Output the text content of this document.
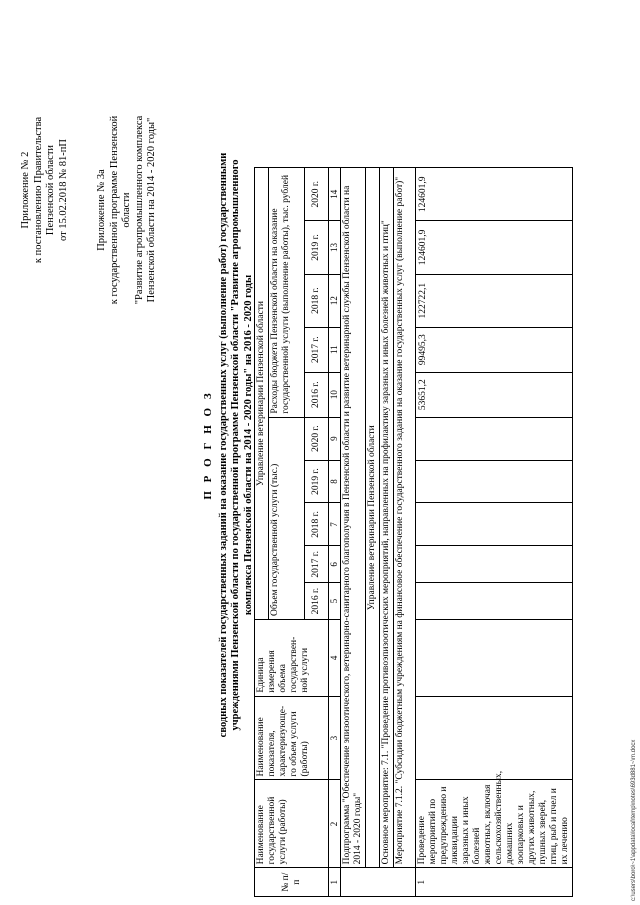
Приложение № 2 к постановлению Правительства Пензенской области от 15.02.2018 № 81-пП	Приложение № 3а к государственной программе Пензенской области "Развитие агропромышленного комплекса Пензенской области на 2014 - 2020 годы"
П Р О Г Н О З сводных показателей государственных заданий на оказание государственных услуг (выполнение работ) государственными учреждениями Пензенской области по государственной программе Пензенской области "Развитие агропромышленного комплекса Пензенской области на 2014 - 2020 годы" на 2016 - 2020 годы
№ п/п	Наименование государственной услуги (работы)	Наименование показателя, характеризующе-го объем услуги (работы)	Единица измерения объема государствен-ной услуги	Управление ветеринарии Пензенской области										
				Объем государственной услуги (тыс.)					Расходы бюджета Пензенской области на оказание государственной услуги (выполнение работы), тыс. рублей					
				2016 г.	2017 г.	2018 г.	2019 г.	2020 г.	2016 г.	2017 г.	2018 г.	2019 г.	2020 г.	
1	2	3	4	5	6	7	8	9	10	11	12	13	14	
	Подпрограмма "Обеспечение эпизоотического, ветеринарно-санитарного благополучия в Пензенской области и развитие ветеринарной службы Пензенской области на 2014 - 2020 годы"													
	Управление ветеринарии Пензенской области													
	Основное мероприятие: 7.1. "Проведение противоэпизоотических мероприятий, направленных на профилактику заразных и иных болезней животных и птиц"													
	Мероприятие 7.1.2. "Субсидии бюджетным учреждениям на финансовое обеспечение государственного задания на оказание государственных услуг (выполнение работ)"													
1	Проведение мероприятий по предупреждению и ликвидации заразных и иных болезней животных, включая сельскохозяйственных, домашних зоопарковых и других животных, пушных зверей, птиц, рыб и пчел и их лечению								53651,2	99495,3	122722,1	124601,9	124601,9	
c:\users\boro\~1\appdata\local\temp\notes\693d881~\m.docx
